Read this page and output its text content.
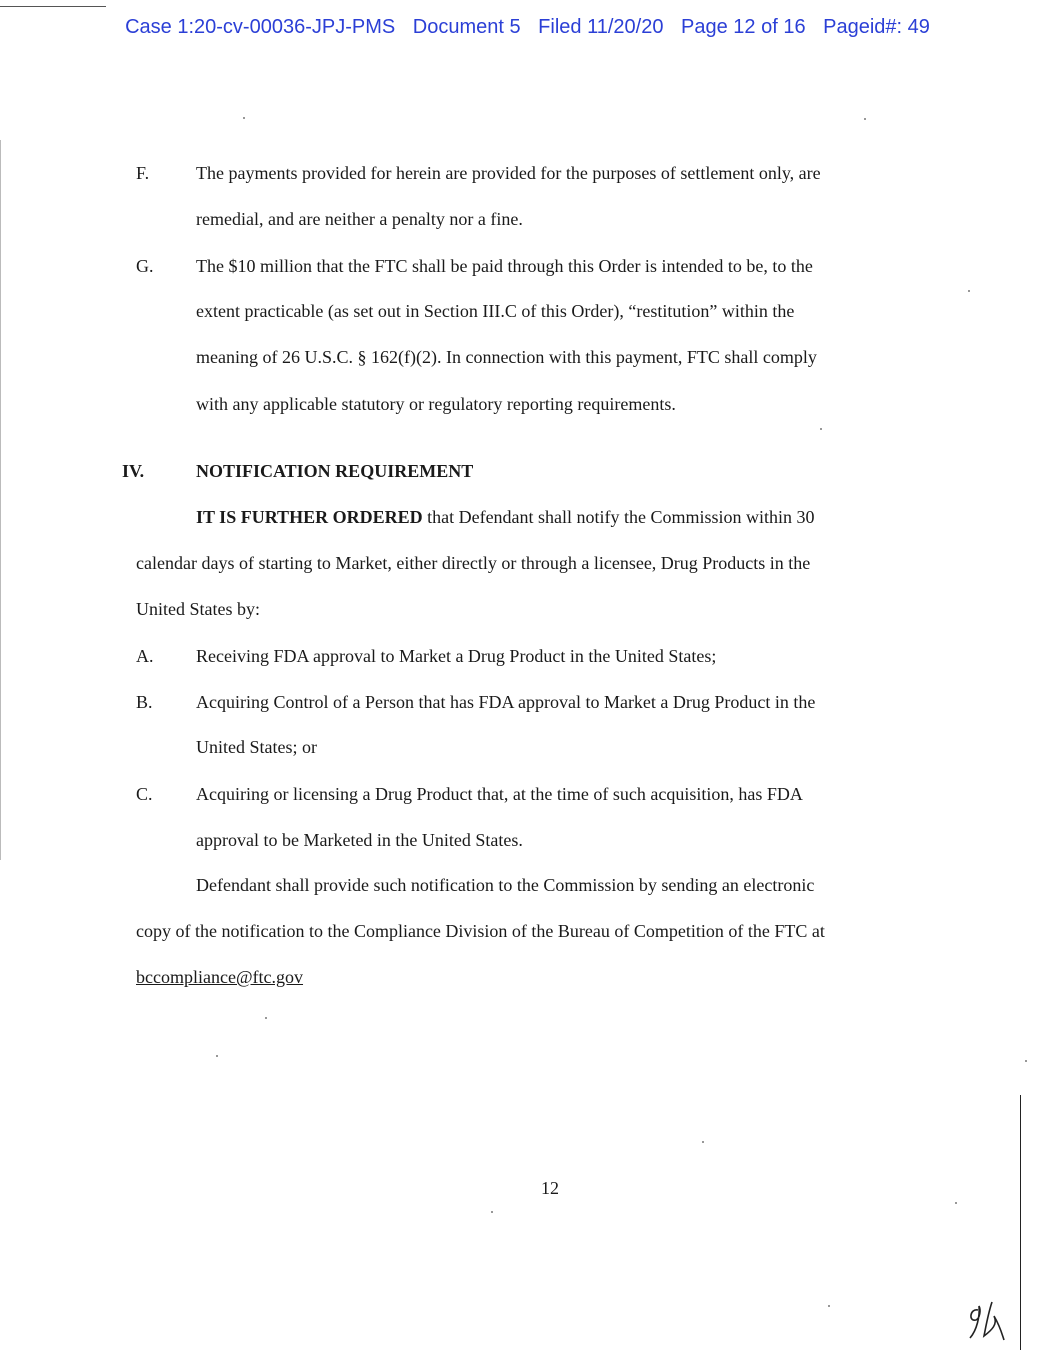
Case 1:20-cv-00036-JPJ-PMS Document 5 Filed 11/20/20 Page 12 of 16 Pageid#: 49
F.	The payments provided for herein are provided for the purposes of settlement only, are
remedial, and are neither a penalty nor a fine.
G. The $10 million that the FTC shall be paid through this Order is intended to be, to the
extent practicable (as set out in Section III.C of this Order), “restitution” within the
meaning of 26 U.S.C. § 162(f)(2). In connection with this payment, FTC shall comply
with any applicable statutory or regulatory reporting requirements.
IV.	NOTIFICATION REQUIREMENT
IT IS FURTHER ORDERED that Defendant shall notify the Commission within 30
calendar days of starting to Market, either directly or through a licensee, Drug Products in the
United States by:
A. Receiving FDA approval to Market a Drug Product in the United States;
B. Acquiring Control of a Person that has FDA approval to Market a Drug Product in the
United States; or
C. Acquiring or licensing a Drug Product that, at the time of such acquisition, has FDA
approval to be Marketed in the United States.
Defendant shall provide such notification to the Commission by sending an electronic
copy of the notification to the Compliance Division of the Bureau of Competition of the FTC at
bccompliance@ftc.gov
12
